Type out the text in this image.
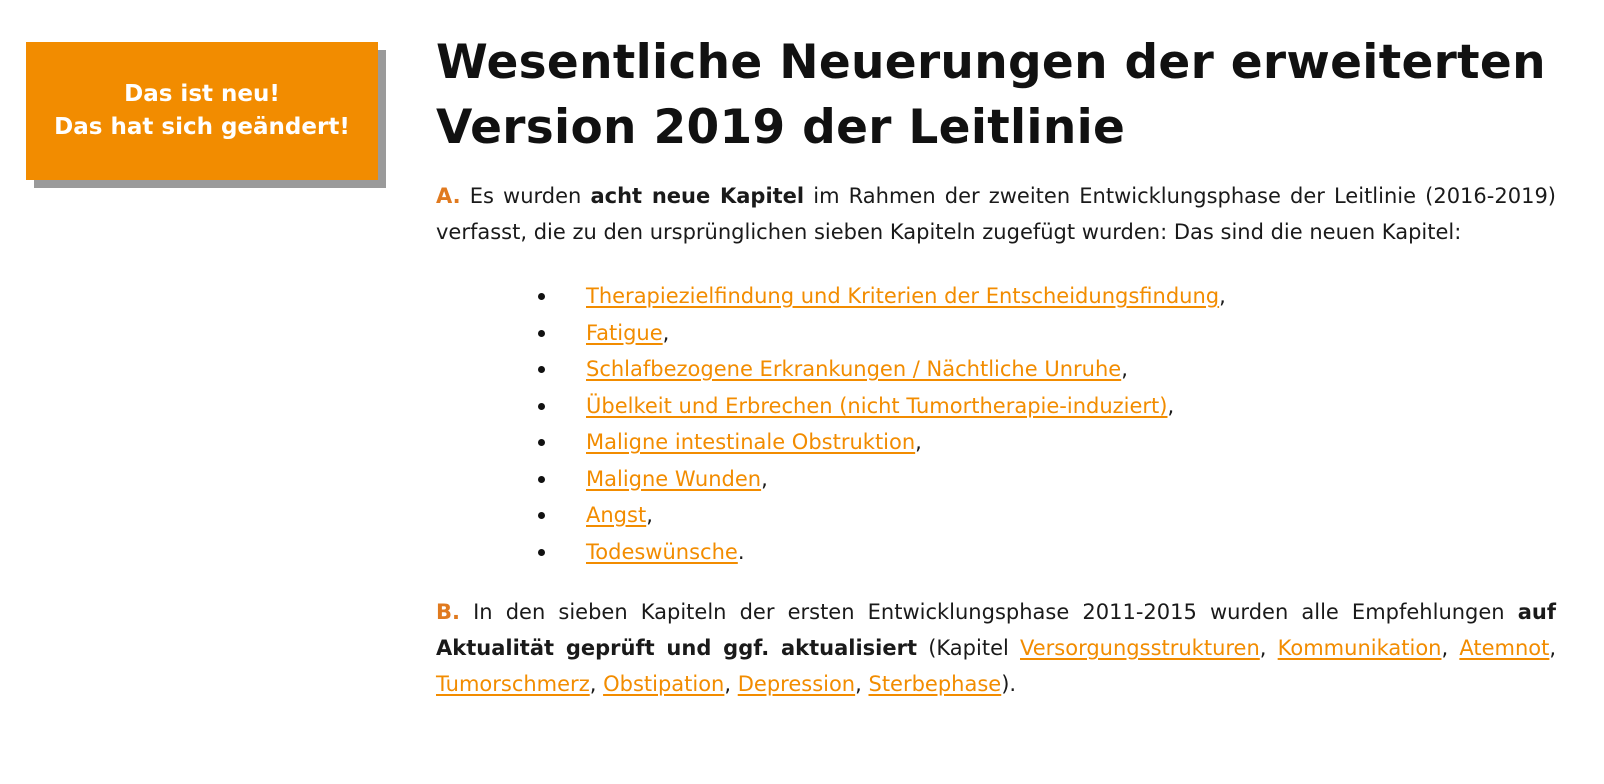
Das ist neu!
Das hat sich geändert!
Wesentliche Neuerungen der erweiterten
Version 2019 der Leitlinie

A. Es wurden acht neue Kapitel im Rahmen der zweiten Entwicklungsphase der Leitlinie (2016-2019) verfasst, die zu den ursprünglichen sieben Kapiteln zugefügt wurden: Das sind die neuen Kapitel:

Therapiezielfindung und Kriterien der Entscheidungsfindung,
Fatigue,
Schlafbezogene Erkrankungen / Nächtliche Unruhe,
Übelkeit und Erbrechen (nicht Tumortherapie-induziert),
Maligne intestinale Obstruktion,
Maligne Wunden,
Angst,
Todeswünsche.

B. In den sieben Kapiteln der ersten Entwicklungsphase 2011-2015 wurden alle Empfehlungen auf Aktualität geprüft und ggf. aktualisiert (Kapitel Versorgungsstrukturen, Kommunikation, Atemnot, Tumorschmerz, Obstipation, Depression, Sterbephase).
